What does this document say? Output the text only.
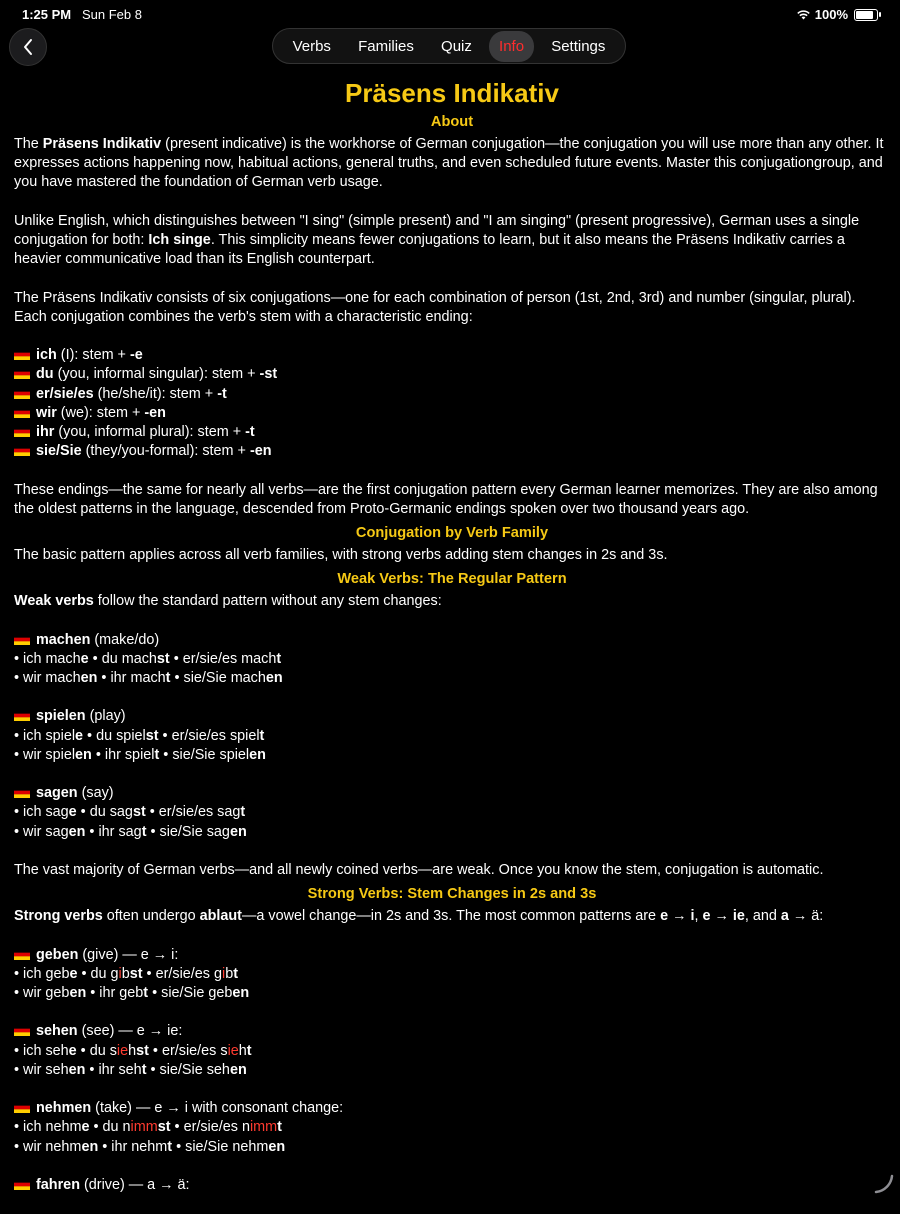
1:25 PM Sun Feb 8	100%
Verbs	Families	Quiz	Info	Settings
Präsens Indikativ
About

The Präsens Indikativ (present indicative) is the workhorse of German conjugation—the conjugation you will use more than any other. It expresses actions happening now, habitual actions, general truths, and even scheduled future events. Master this conjugationgroup, and you have mastered the foundation of German verb usage.

Unlike English, which distinguishes between "I sing" (simple present) and "I am singing" (present progressive), German uses a single conjugation for both: Ich singe. This simplicity means fewer conjugations to learn, but it also means the Präsens Indikativ carries a heavier communicative load than its English counterpart.

The Präsens Indikativ consists of six conjugations—one for each combination of person (1st, 2nd, 3rd) and number (singular, plural). Each conjugation combines the verb's stem with a characteristic ending:

ich (I): stem + -e
du (you, informal singular): stem + -st
er/sie/es (he/she/it): stem + -t
wir (we): stem + -en
ihr (you, informal plural): stem + -t
sie/Sie (they/you-formal): stem + -en

These endings—the same for nearly all verbs—are the first conjugation pattern every German learner memorizes. They are also among the oldest patterns in the language, descended from Proto-Germanic endings spoken over two thousand years ago.

Conjugation by Verb Family

The basic pattern applies across all verb families, with strong verbs adding stem changes in 2s and 3s.

Weak Verbs: The Regular Pattern

Weak verbs follow the standard pattern without any stem changes:

machen (make/do)
• ich mache • du machst • er/sie/es macht
• wir machen • ihr macht • sie/Sie machen
spielen (play)
• ich spiele • du spielst • er/sie/es spielt
• wir spielen • ihr spielt • sie/Sie spielen
sagen (say)
• ich sage • du sagst • er/sie/es sagt
• wir sagen • ihr sagt • sie/Sie sagen

The vast majority of German verbs—and all newly coined verbs—are weak. Once you know the stem, conjugation is automatic.

Strong Verbs: Stem Changes in 2s and 3s

Strong verbs often undergo ablaut—a vowel change—in 2s and 3s. The most common patterns are e → i, e → ie, and a → ä:

geben (give) — e → i:
• ich gebe • du gibst • er/sie/es gibt
• wir geben • ihr gebt • sie/Sie geben
sehen (see) — e → ie:
• ich sehe • du siehst • er/sie/es sieht
• wir sehen • ihr seht • sie/Sie sehen
nehmen (take) — e → i with consonant change:
• ich nehme • du nimmst • er/sie/es nimmt
• wir nehmen • ihr nehmt • sie/Sie nehmen
fahren (drive) — a → ä:
